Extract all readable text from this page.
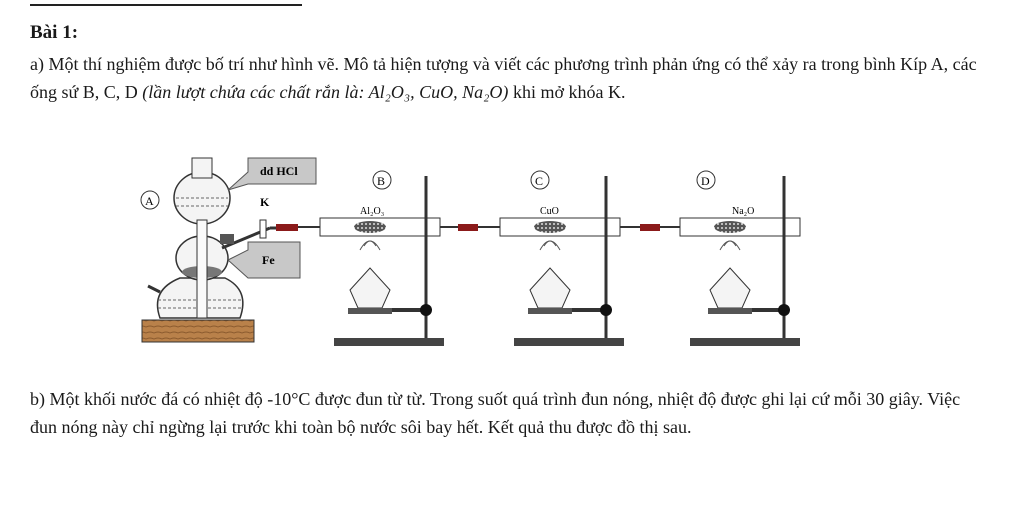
Bài 1:
a) Một thí nghiệm được bố trí như hình vẽ. Mô tả hiện tượng và viết các phương trình phản ứng có thể xảy ra trong bình Kíp A, các ống sứ B, C, D (lần lượt chứa các chất rắn là: Al₂O₃, CuO, Na₂O) khi mở khóa K.
dd HCl
Fe
K
A
B
Al₂O₃
C
CuO
D
Na₂O
b) Một khối nước đá có nhiệt độ -10°C được đun từ từ. Trong suốt quá trình đun nóng, nhiệt độ được ghi lại cứ mỗi 30 giây. Việc đun nóng này chỉ ngừng lại trước khi toàn bộ nước sôi bay hết. Kết quả thu được đồ thị sau.
